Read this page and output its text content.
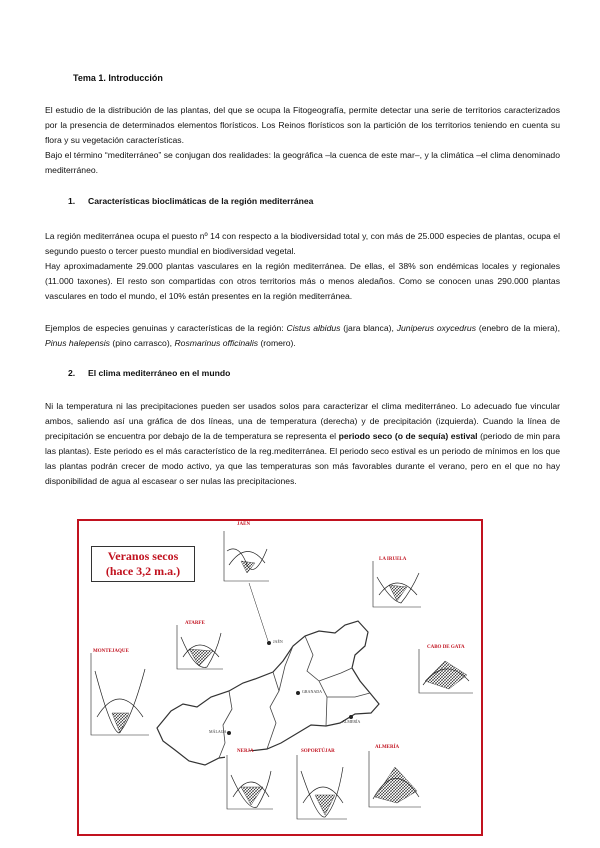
Tema 1. Introducción

El estudio de la distribución de las plantas, del que se ocupa la Fitogeografía, permite detectar una serie de territorios caracterizados por la presencia de determinados elementos florísticos. Los Reinos florísticos son la partición de los territorios teniendo en cuenta su flora y su vegetación características.

Bajo el término “mediterráneo” se conjugan dos realidades: la geográfica –la cuenca de este mar–, y la climática –el clima denominado mediterráneo.

1. Características bioclimáticas de la región mediterránea

La región mediterránea ocupa el puesto nº 14 con respecto a la biodiversidad total y, con más de 25.000 especies de plantas, ocupa el segundo puesto o tercer puesto mundial en biodiversidad vegetal.

Hay aproximadamente 29.000 plantas vasculares en la región mediterránea. De ellas, el 38% son endémicas locales y regionales (11.000 taxones). El resto son compartidas con otros territorios más o menos aledaños. Como se conocen unas 290.000 plantas vasculares en todo el mundo, el 10% están presentes en la región mediterránea.

Ejemplos de especies genuinas y características de la región: Cistus albidus (jara blanca), Juniperus oxycedrus (enebro de la miera), Pinus halepensis (pino carrasco), Rosmarinus officinalis (romero).

2. El clima mediterráneo en el mundo

Ni la temperatura ni las precipitaciones pueden ser usados solos para caracterizar el clima mediterráneo. Lo adecuado fue vincular ambos, saliendo así una gráfica de dos líneas, una de temperatura (derecha) y de precipitación (izquierda). Cuando la línea de precipitación se encuentra por debajo de la de temperatura se representa el periodo seco (o de sequía) estival (periodo de min para las plantas). Este periodo es el más característico de la reg.mediterránea. El periodo seco estival es un periodo de mínimos en los que las plantas podrán crecer de modo activo, ya que las temperaturas son más favorables durante el verano, pero en el que no hay disponibilidad de agua al escasear o ser nulas las precipitaciones.

Veranos secos
(hace 3,2 m.a.)
JAÉN
LA IRUELA
ATARFE
MONTEJAQUE
CABO DE GATA
NERJA	SOPORTÚJAR
ALMERÍA
JAÉN
GRANADA
MÁLAGA
ALMERÍA
